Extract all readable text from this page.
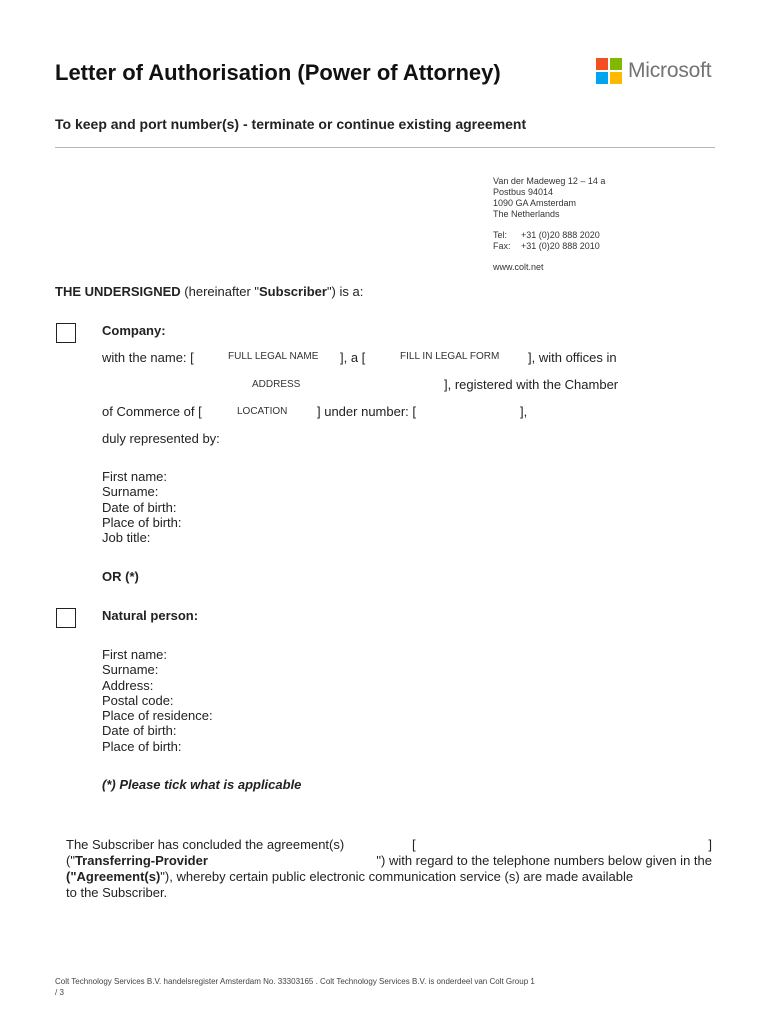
Letter of Authorisation (Power of Attorney)	Microsoft
To keep and port number(s) - terminate or continue existing agreement
Van der Madeweg 12 – 14 a
Postbus 94014
1090 GA Amsterdam
The Netherlands
Tel: +31 (0)20 888 2020
Fax: +31 (0)20 888 2010
www.colt.net
THE UNDERSIGNED (hereinafter "Subscriber") is a:
Company:
with the name: [	FULL LEGAL NAME ], a [	FILL IN LEGAL FORM ], with offices in
ADDRESS	], registered with the Chamber
of Commerce of [	LOCATION ] under number: [	],
duly represented by:
First name:
Surname:
Date of birth:
Place of birth:
Job title:
OR (*)
Natural person:
First name:
Surname:
Address:
Postal code:
Place of residence:
Date of birth:
Place of birth:
(*) Please tick what is applicable
The Subscriber has concluded the agreement(s)	[	]
("Transferring-Provider	") with regard to the telephone numbers below given in the
("Agreement(s) "), whereby certain public electronic communication service (s) are made available
to the Subscriber.
Colt Technology Services B.V. handelsregister Amsterdam No. 33303165 . Colt Technology Services B.V. is onderdeel van Colt Group 1
/ 3
